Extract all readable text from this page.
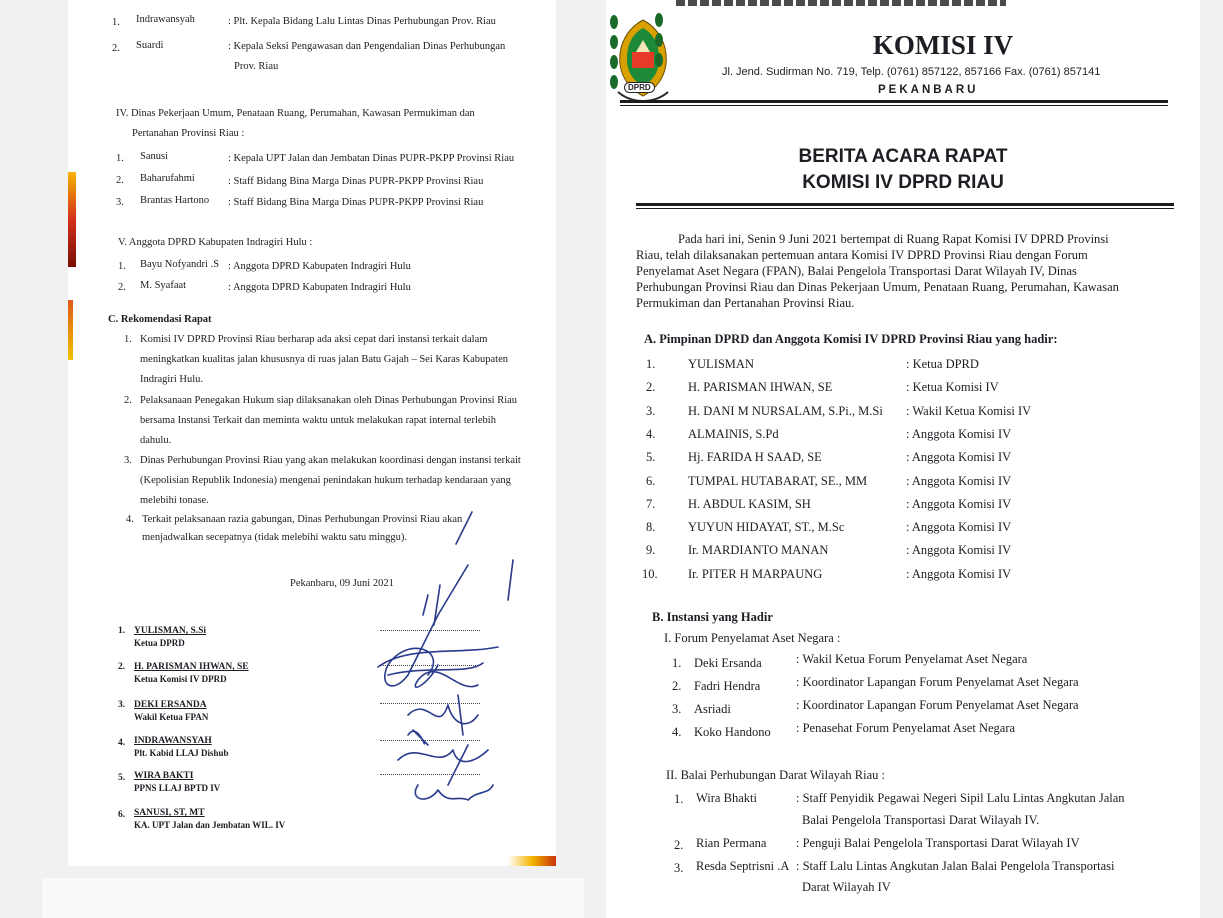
1. Indrawansyah	: Plt. Kepala Bidang Lalu Lintas Dinas Perhubungan Prov. Riau
2. Suardi	: Kepala Seksi Pengawasan dan Pengendalian Dinas Perhubungan
Prov. Riau
IV. Dinas Pekerjaan Umum, Penataan Ruang, Perumahan, Kawasan Permukiman dan
Pertanahan Provinsi Riau :
1. Sanusi	: Kepala UPT Jalan dan Jembatan Dinas PUPR-PKPP Provinsi Riau
2. Baharufahmi	: Staff Bidang Bina Marga Dinas PUPR-PKPP Provinsi Riau
3. Brantas Hartono : Staff Bidang Bina Marga Dinas PUPR-PKPP Provinsi Riau
V. Anggota DPRD Kabupaten Indragiri Hulu :
1. Bayu Nofyandri .S : Anggota DPRD Kabupaten Indragiri Hulu
2. M. Syafaat	: Anggota DPRD Kabupaten Indragiri Hulu
C. Rekomendasi Rapat
1. Komisi IV DPRD Provinsi Riau berharap ada aksi cepat dari instansi terkait dalam
meningkatkan kualitas jalan khususnya di ruas jalan Batu Gajah – Sei Karas Kabupaten
Indragiri Hulu.
2. Pelaksanaan Penegakan Hukum siap dilaksanakan oleh Dinas Perhubungan Provinsi Riau
bersama Instansi Terkait dan meminta waktu untuk melakukan rapat internal terlebih
dahulu.
3. Dinas Perhubungan Provinsi Riau yang akan melakukan koordinasi dengan instansi terkait
(Kepolisian Republik Indonesia) mengenai penindakan hukum terhadap kendaraan yang
melebihi tonase.
4. Terkait pelaksanaan razia gabungan, Dinas Perhubungan Provinsi Riau akan
menjadwalkan secepatnya (tidak melebihi waktu satu minggu).
Pekanbaru, 09 Juni 2021
1. YULISMAN, S.Si
Ketua DPRD
2. H. PARISMAN IHWAN, SE
Ketua Komisi IV DPRD
3. DEKI ERSANDA
Wakil Ketua FPAN
4. INDRAWANSYAH
Plt. Kabid LLAJ Dishub
5. WIRA BAKTI
PPNS LLAJ BPTD IV
6. SANUSI, ST, MT
KA. UPT Jalan dan Jembatan WIL. IV
DPRD
KOMISI IV
Jl. Jend. Sudirman No. 719, Telp. (0761) 857122, 857166 Fax. (0761) 857141
PEKANBARU
BERITA ACARA RAPAT
KOMISI IV DPRD RIAU
Pada hari ini, Senin 9 Juni 2021 bertempat di Ruang Rapat Komisi IV DPRD Provinsi
Riau, telah dilaksanakan pertemuan antara Komisi IV DPRD Provinsi Riau dengan Forum
Penyelamat Aset Negara (FPAN), Balai Pengelola Transportasi Darat Wilayah IV, Dinas
Perhubungan Provinsi Riau dan Dinas Pekerjaan Umum, Penataan Ruang, Perumahan, Kawasan
Permukiman dan Pertanahan Provinsi Riau.
A. Pimpinan DPRD dan Anggota Komisi IV DPRD Provinsi Riau yang hadir:
1.	YULISMAN	: Ketua DPRD
2.	H. PARISMAN IHWAN, SE	: Ketua Komisi IV
3.	H. DANI M NURSALAM, S.Pi., M.Si : Wakil Ketua Komisi IV
4.	ALMAINIS, S.Pd	: Anggota Komisi IV
5.	Hj. FARIDA H SAAD, SE	: Anggota Komisi IV
6.	TUMPAL HUTABARAT, SE., MM	: Anggota Komisi IV
7.	H. ABDUL KASIM, SH	: Anggota Komisi IV
8.	YUYUN HIDAYAT, ST., M.Sc	: Anggota Komisi IV
9.	Ir. MARDIANTO MANAN	: Anggota Komisi IV
10. Ir. PITER H MARPAUNG	: Anggota Komisi IV
B. Instansi yang Hadir
I. Forum Penyelamat Aset Negara :
1. Deki Ersanda	: Wakil Ketua Forum Penyelamat Aset Negara
2. Fadri Hendra	: Koordinator Lapangan Forum Penyelamat Aset Negara
3. Asriadi	: Koordinator Lapangan Forum Penyelamat Aset Negara
4. Koko Handono : Penasehat Forum Penyelamat Aset Negara
II. Balai Perhubungan Darat Wilayah Riau :
1. Wira Bhakti	: Staff Penyidik Pegawai Negeri Sipil Lalu Lintas Angkutan Jalan
Balai Pengelola Transportasi Darat Wilayah IV.
2. Rian Permana : Penguji Balai Pengelola Transportasi Darat Wilayah IV
3. Resda Septrisni .A : Staff Lalu Lintas Angkutan Jalan Balai Pengelola Transportasi
Darat Wilayah IV
